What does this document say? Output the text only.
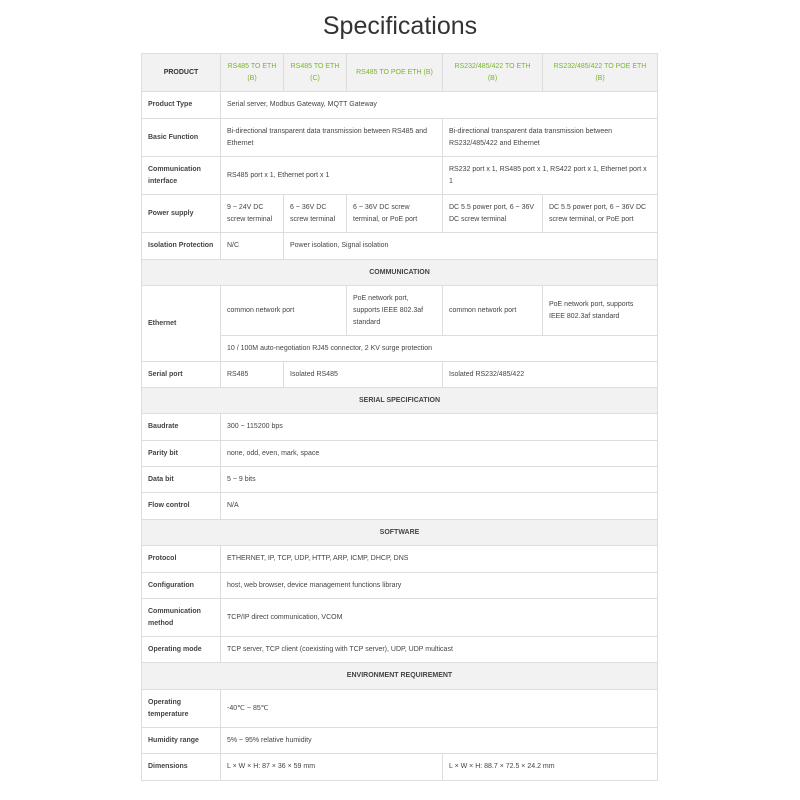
Specifications
PRODUCT	RS485 TO ETH (B)	RS485 TO ETH (C)	RS485 TO POE ETH (B)	RS232/485/422 TO ETH (B)	RS232/485/422 TO POE ETH (B)
Product Type	Serial server, Modbus Gateway, MQTT Gateway				
Basic Function	Bi-directional transparent data transmission between RS485 and Ethernet			Bi-directional transparent data transmission between RS232/485/422 and Ethernet	
Communication interface	RS485 port x 1, Ethernet port x 1			RS232 port x 1, RS485 port x 1, RS422 port x 1, Ethernet port x 1	
Power supply	9 ~ 24V DC screw terminal	6 ~ 36V DC screw terminal	6 ~ 36V DC screw terminal, or PoE port	DC 5.5 power port, 6 ~ 36V DC screw terminal	DC 5.5 power port, 6 ~ 36V DC screw terminal, or PoE port
Isolation Protection	N/C	Power isolation, Signal isolation			
COMMUNICATION					
Ethernet	common network port		PoE network port, supports IEEE 802.3af standard	common network port	PoE network port, supports IEEE 802.3af standard
	10 / 100M auto-negotiation RJ45 connector, 2 KV surge protection				
Serial port	RS485	Isolated RS485		Isolated RS232/485/422	
SERIAL SPECIFICATION					
Baudrate	300 ~ 115200 bps				
Parity bit	none, odd, even, mark, space				
Data bit	5 ~ 9 bits				
Flow control	N/A				
SOFTWARE					
Protocol	ETHERNET, IP, TCP, UDP, HTTP, ARP, ICMP, DHCP, DNS				
Configuration	host, web browser, device management functions library				
Communication method	TCP/IP direct communication, VCOM				
Operating mode	TCP server, TCP client (coexisting with TCP server), UDP, UDP multicast				
ENVIRONMENT REQUIREMENT					
Operating temperature	-40℃ ~ 85℃				
Humidity range	5% ~ 95% relative humidity				
Dimensions	L × W × H: 87 × 36 × 59 mm			L × W × H: 88.7 × 72.5 × 24.2 mm	
